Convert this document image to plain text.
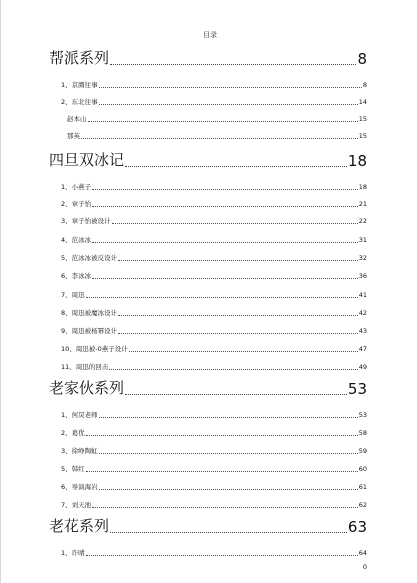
目录
帮派系列	8
1、京圈往事	8
2、东北往事	14
赵本山	15
那英	15
四旦双冰记	18
1、小燕子	18
2、章子怡	21
3、章子怡被设计	22
4、范冰冰	31
5、范冰冰被反设计	32
6、李冰冰	36
7、周迅	41
8、周迅被魔冰设计	42
9、周迅被杨幂设计	43
10、周迅被-0燕子设计	47
11、周迅的回击	49
老家伙系列	53
1、何炅老师	53
2、葛优	58
3、徐峥陶虹	59
5、韩红	60
6、导演海岩	61
7、刘天池	62
老花系列	63
1、许晴	64
0
